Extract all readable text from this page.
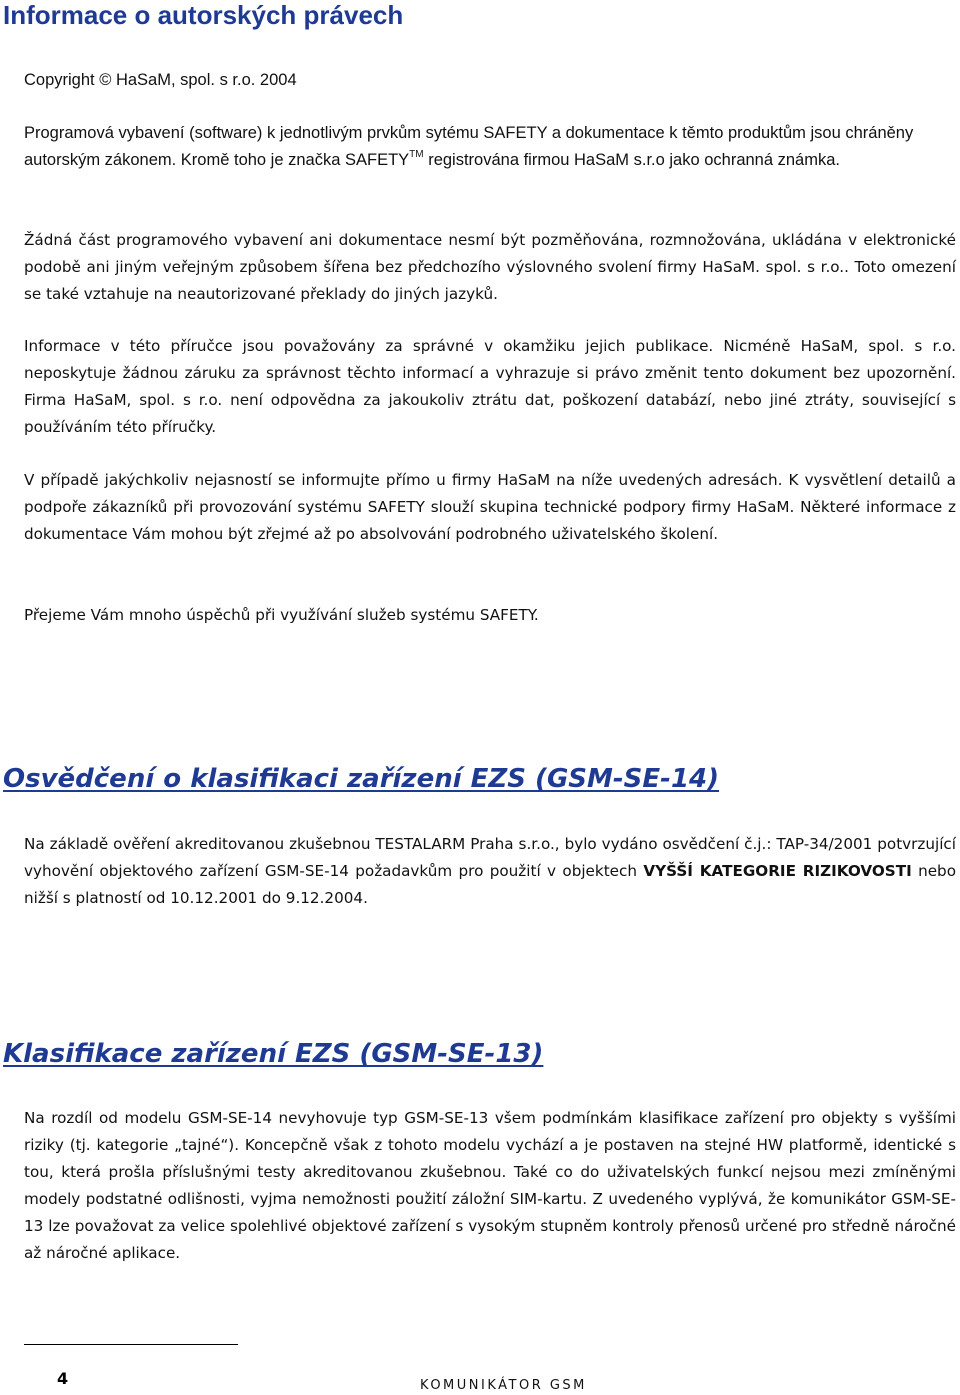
Informace o autorských právech

Copyright © HaSaM, spol. s r.o. 2004

Programová vybavení (software) k jednotlivým prvkům sytému SAFETY a dokumentace k těmto produktům jsou chráněny autorským zákonem. Kromě toho je značka SAFETY™ registrována firmou HaSaM s.r.o jako ochranná známka.

Žádná část programového vybavení ani dokumentace nesmí být pozměňována, rozmnožována, ukládána v elektronické podobě ani jiným veřejným způsobem šířena bez předchozího výslovného svolení firmy HaSaM. spol. s r.o.. Toto omezení se také vztahuje na neautorizované překlady do jiných jazyků.

Informace v této příručce jsou považovány za správné v okamžiku jejich publikace. Nicméně HaSaM, spol. s r.o. neposkytuje žádnou záruku za správnost těchto informací a vyhrazuje si právo změnit tento dokument bez upozornění. Firma HaSaM, spol. s r.o. není odpovědna za jakoukoliv ztrátu dat, poškození databází, nebo jiné ztráty, související s používáním této příručky.

V případě jakýchkoliv nejasností se informujte přímo u firmy HaSaM na níže uvedených adresách. K vysvětlení detailů a podpoře zákazníků při provozování systému SAFETY slouží skupina technické podpory firmy HaSaM. Některé informace z dokumentace Vám mohou být zřejmé až po absolvování podrobného uživatelského školení.

Přejeme Vám mnoho úspěchů při využívání služeb systému SAFETY.

Osvědčení o klasifikaci zařízení EZS (GSM-SE-14)

Na základě ověření akreditovanou zkušebnou TESTALARM Praha s.r.o., bylo vydáno osvědčení č.j.: TAP-34/2001 potvrzující vyhovění objektového zařízení GSM-SE-14 požadavkům pro použití v objektech VYŠŠÍ KATEGORIE RIZIKOVOSTI nebo nižší s platností od 10.12.2001 do 9.12.2004.

Klasifikace zařízení EZS (GSM-SE-13)

Na rozdíl od modelu GSM-SE-14 nevyhovuje typ GSM-SE-13 všem podmínkám klasifikace zařízení pro objekty s vyššími riziky (tj. kategorie „tajné“). Koncepčně však z tohoto modelu vychází a je postaven na stejné HW platformě, identické s tou, která prošla příslušnými testy akreditovanou zkušebnou. Také co do uživatelských funkcí nejsou mezi zmíněnými modely podstatné odlišnosti, vyjma nemožnosti použití záložní SIM-kartu. Z uvedeného vyplývá, že komunikátor GSM-SE-13 lze považovat za velice spolehlivé objektové zařízení s vysokým stupněm kontroly přenosů určené pro středně náročné až náročné aplikace.

4	KOMUNIKÁTOR GSM
